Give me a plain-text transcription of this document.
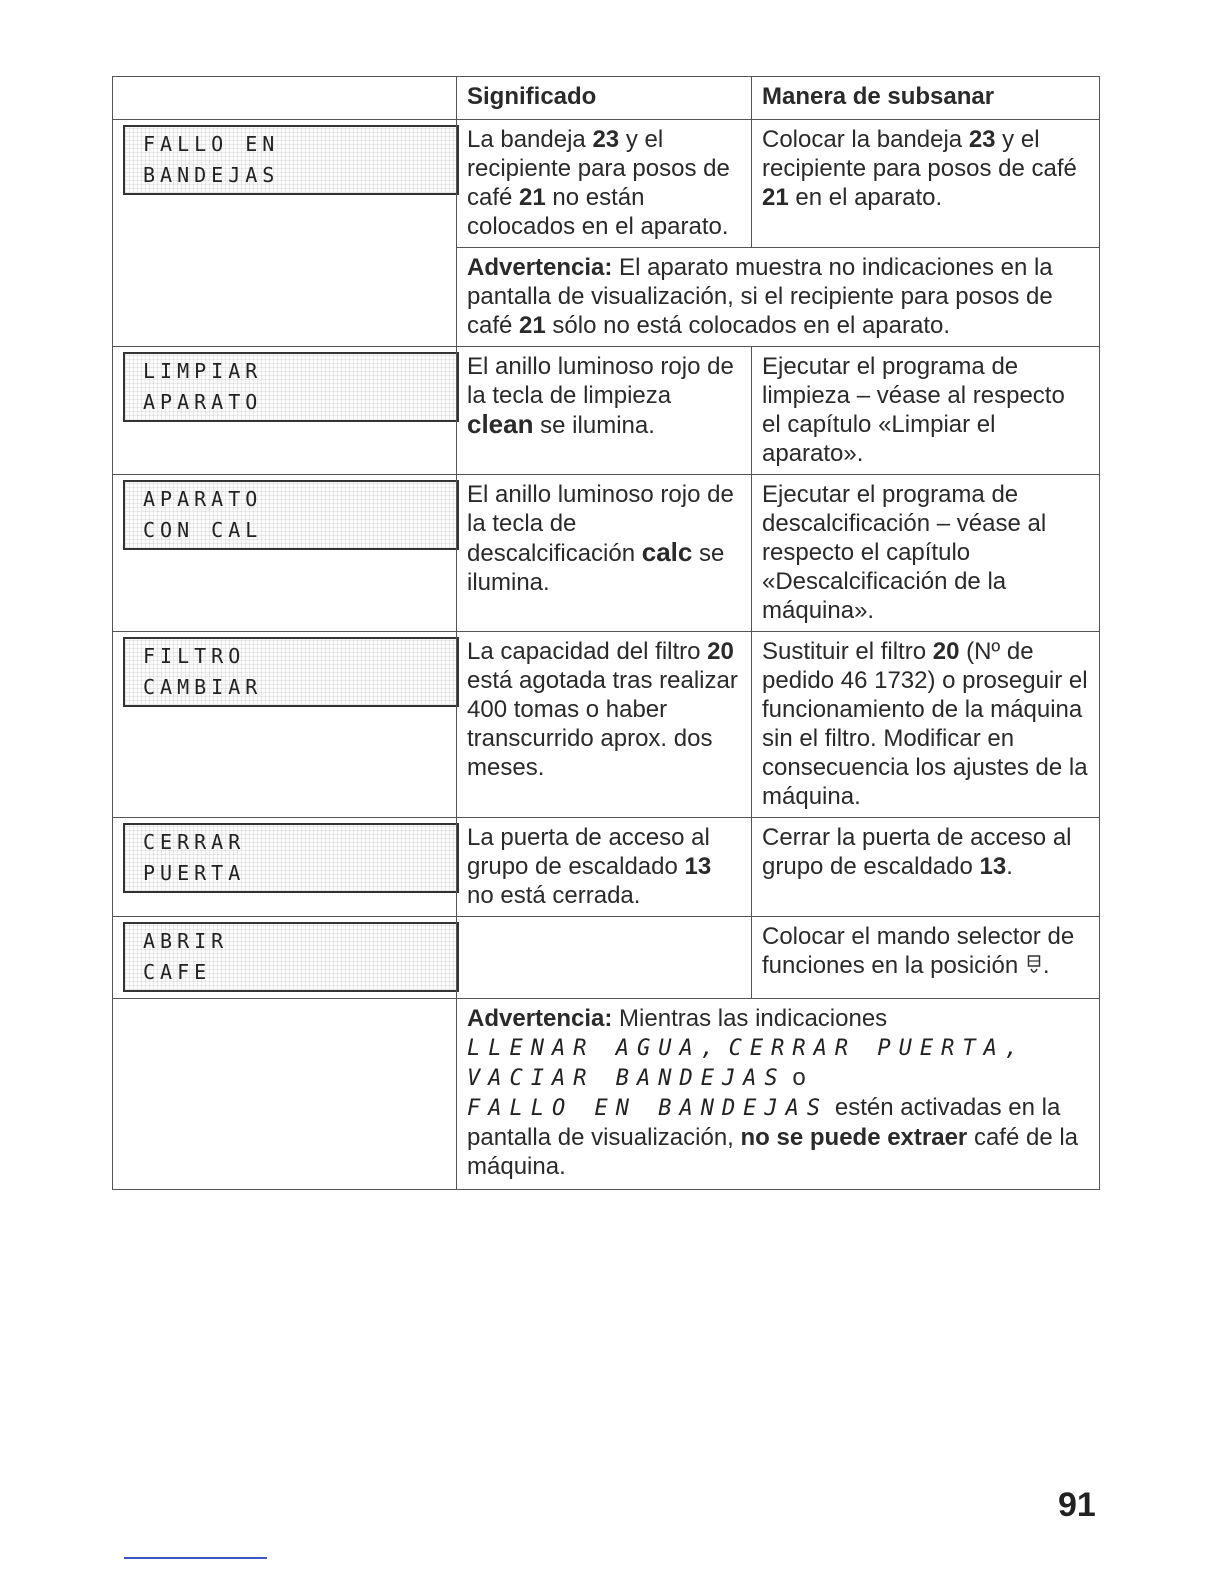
	Significado	Manera de subsanar

FALLO EN
BANDEJAS	La bandeja 23 y el recipiente para posos de café 21 no están colocados en el aparato.	Colocar la bandeja 23 y el recipiente para posos de café 21 en el aparato.
	Advertencia: El aparato muestra no indicaciones en la pantalla de visualización, si el recipiente para posos de café 21 sólo no está colocados en el aparato.	

LIMPIAR
APARATO	El anillo luminoso rojo de la tecla de limpieza clean se ilumina.	Ejecutar el programa de limpieza – véase al respecto el capítulo «Limpiar el aparato».

APARATO
CON CAL	El anillo luminoso rojo de la tecla de descalcificación calc se ilumina.	Ejecutar el programa de descalcificación – véase al respecto el capítulo «Descalcificación de la máquina».

FILTRO
CAMBIAR	La capacidad del filtro 20 está agotada tras realizar 400 tomas o haber transcurrido aprox. dos meses.	Sustituir el filtro 20 (Nº de pedido 46 1732) o proseguir el funcionamiento de la máquina sin el filtro. Modificar en consecuencia los ajustes de la máquina.

CERRAR
PUERTA	La puerta de acceso al grupo de escaldado 13 no está cerrada.	Cerrar la puerta de acceso al grupo de escaldado 13.

ABRIR
CAFE		Colocar el mando selector de funciones en la posición .
	Advertencia: Mientras las indicaciones LLENAR AGUA, CERRAR PUERTA, VACIAR BANDEJAS o FALLO EN BANDEJAS estén activadas en la pantalla de visualización, no se puede extraer café de la máquina.	
91
